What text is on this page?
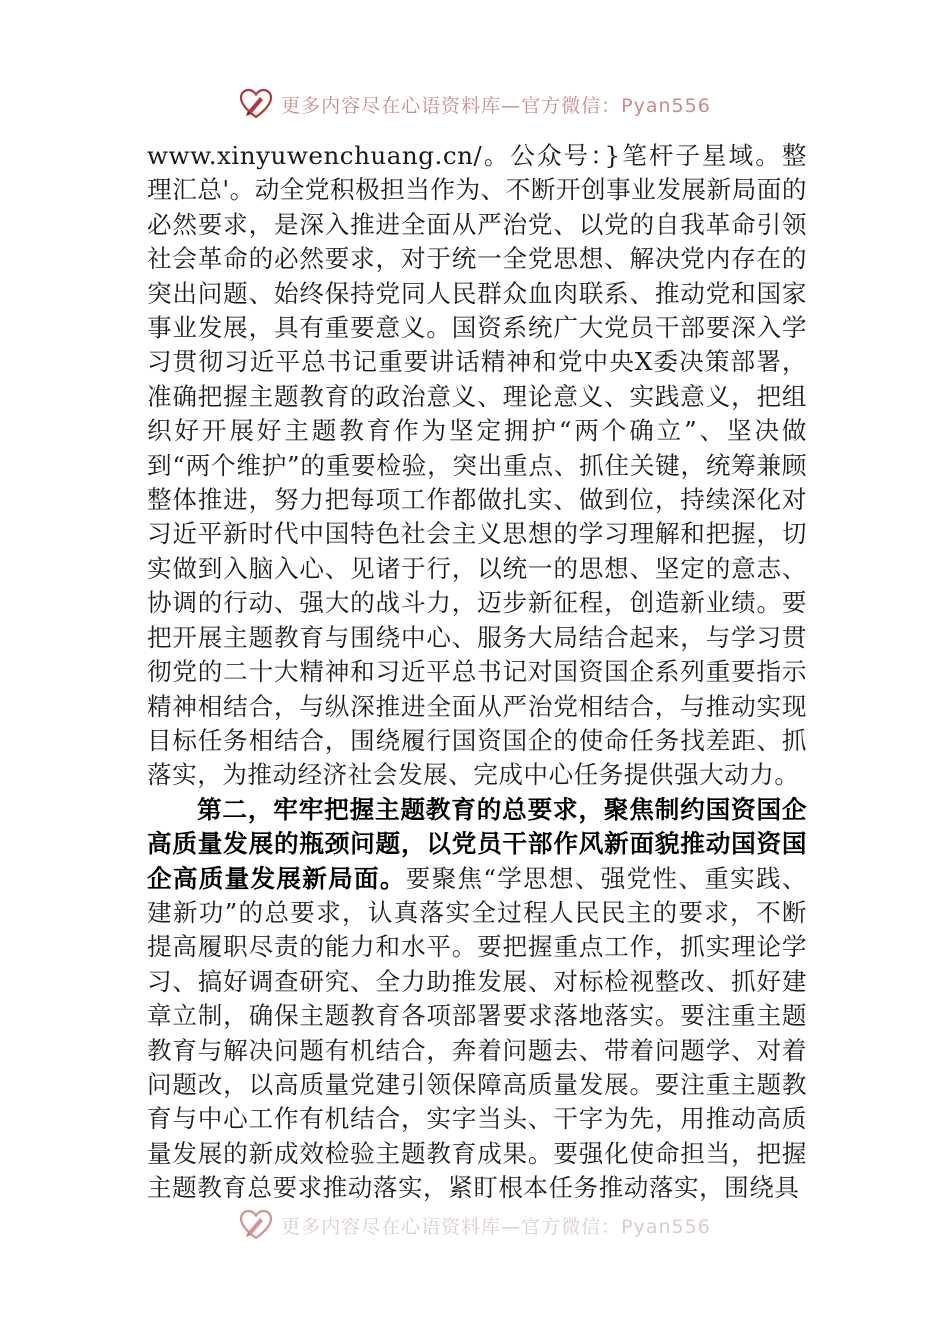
更多内容尽在心语资料库—官方微信：Pyan556

www.xinyuwenchuang.cn/。公众号：}笔杆子星域。整理汇总'。动全党积极担当作为、不断开创事业发展新局面的必然要求，是深入推进全面从严治党、以党的自我革命引领社会革命的必然要求，对于统一全党思想、解决党内存在的突出问题、始终保持党同人民群众血肉联系、推动党和国家事业发展，具有重要意义。国资系统广大党员干部要深入学习贯彻习近平总书记重要讲话精神和党中央X委决策部署，准确把握主题教育的政治意义、理论意义、实践意义，把组织好开展好主题教育作为坚定拥护“两个确立”、坚决做到“两个维护”的重要检验，突出重点、抓住关键，统筹兼顾整体推进，努力把每项工作都做扎实、做到位，持续深化对习近平新时代中国特色社会主义思想的学习理解和把握，切实做到入脑入心、见诸于行，以统一的思想、坚定的意志、协调的行动、强大的战斗力，迈步新征程，创造新业绩。要把开展主题教育与围绕中心、服务大局结合起来，与学习贯彻党的二十大精神和习近平总书记对国资国企系列重要指示精神相结合，与纵深推进全面从严治党相结合，与推动实现目标任务相结合，围绕履行国资国企的使命任务找差距、抓落实，为推动经济社会发展、完成中心任务提供强大动力。

第二，牢牢把握主题教育的总要求，聚焦制约国资国企高质量发展的瓶颈问题，以党员干部作风新面貌推动国资国企高质量发展新局面。要聚焦“学思想、强党性、重实践、建新功”的总要求，认真落实全过程人民民主的要求，不断提高履职尽责的能力和水平。要把握重点工作，抓实理论学习、搞好调查研究、全力助推发展、对标检视整改、抓好建章立制，确保主题教育各项部署要求落地落实。要注重主题教育与解决问题有机结合，奔着问题去、带着问题学、对着问题改，以高质量党建引领保障高质量发展。要注重主题教育与中心工作有机结合，实字当头、干字为先，用推动高质量发展的新成效检验主题教育成果。要强化使命担当，把握主题教育总要求推动落实，紧盯根本任务推动落实，围绕具

更多内容尽在心语资料库—官方微信：Pyan556
